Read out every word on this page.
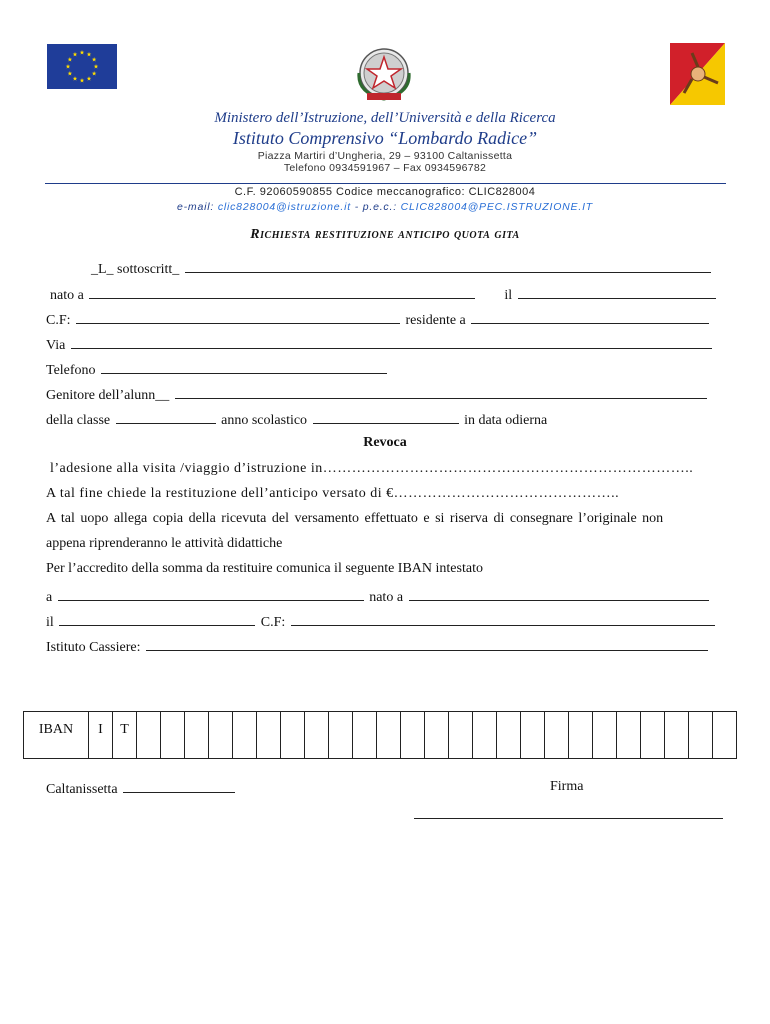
Ministero dell’Istruzione, dell’Università e della Ricerca
Istituto Comprensivo “Lombardo Radice”
Piazza Martiri d’Ungheria, 29 – 93100 Caltanissetta
Telefono 0934591967 – Fax 0934596782
C.F. 92060590855 Codice meccanografico: CLIC828004
e-mail: clic828004@istruzione.it - p.e.c.: CLIC828004@PEC.ISTRUZIONE.IT
Richiesta restituzione anticipo quota gita
_L_ sottoscritt_
nato a	il
C.F:	residente a
Via
Telefono
Genitore dell’alunn__
della classe	anno scolastico	in data odierna
Revoca
l’adesione alla visita /viaggio d’istruzione in…………………………………………………………………..
A tal fine chiede la restituzione dell’anticipo versato di €………………………………………..
A tal uopo allega copia della ricevuta del versamento effettuato e si riserva di consegnare l’originale non
appena riprenderanno le attività didattiche
Per l’accredito della somma da restituire comunica il seguente IBAN intestato
a	nato a
il	C.F:
Istituto Cassiere:
IBAN	I	T

Caltanissetta	Firma
